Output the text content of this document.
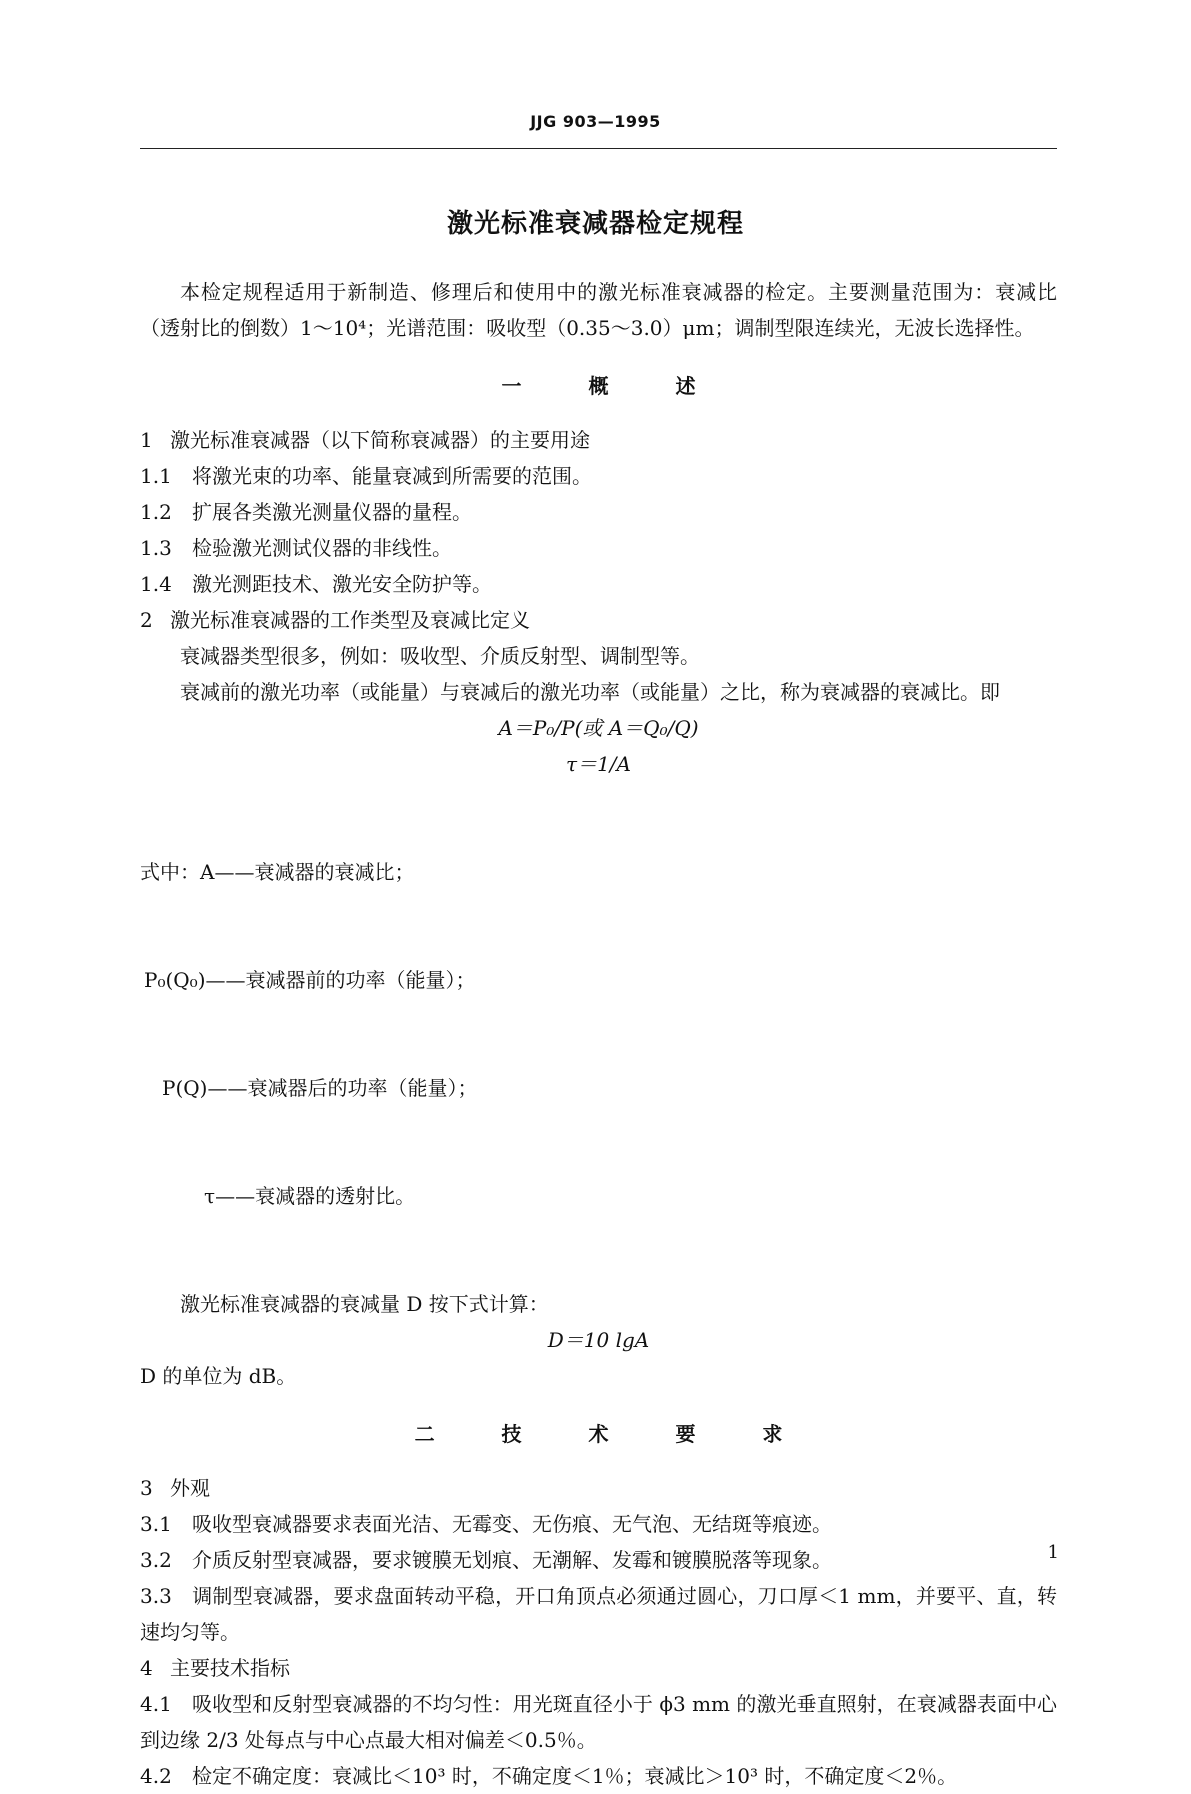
JJG 903—1995
激光标准衰减器检定规程

本检定规程适用于新制造、修理后和使用中的激光标准衰减器的检定。主要测量范围为：衰减比（透射比的倒数）1～10⁴；光谱范围：吸收型（0.35～3.0）μm；调制型限连续光，无波长选择性。

一 概 述

1 激光标准衰减器（以下简称衰减器）的主要用途

1.1 将激光束的功率、能量衰减到所需要的范围。

1.2 扩展各类激光测量仪器的量程。

1.3 检验激光测试仪器的非线性。

1.4 激光测距技术、激光安全防护等。

2 激光标准衰减器的工作类型及衰减比定义

衰减器类型很多，例如：吸收型、介质反射型、调制型等。

衰减前的激光功率（或能量）与衰减后的激光功率（或能量）之比，称为衰减器的衰减比。即

A＝P₀/P(或 A＝Q₀/Q)

τ＝1/A

式中：A——衰减器的衰减比；

P₀(Q₀)——衰减器前的功率（能量）；

P(Q)——衰减器后的功率（能量）；

τ——衰减器的透射比。

激光标准衰减器的衰减量 D 按下式计算：

D＝10 lgA

D 的单位为 dB。

二 技 术 要 求

3 外观

3.1 吸收型衰减器要求表面光洁、无霉变、无伤痕、无气泡、无结斑等痕迹。

3.2 介质反射型衰减器，要求镀膜无划痕、无潮解、发霉和镀膜脱落等现象。

3.3 调制型衰减器，要求盘面转动平稳，开口角顶点必须通过圆心，刀口厚＜1 mm，并要平、直，转速均匀等。

4 主要技术指标

4.1 吸收型和反射型衰减器的不均匀性：用光斑直径小于 ϕ3 mm 的激光垂直照射，在衰减器表面中心到边缘 2/3 处每点与中心点最大相对偏差＜0.5％。

4.2 检定不确定度：衰减比＜10³ 时，不确定度＜1％；衰减比＞10³ 时，不确定度＜2％。

1
